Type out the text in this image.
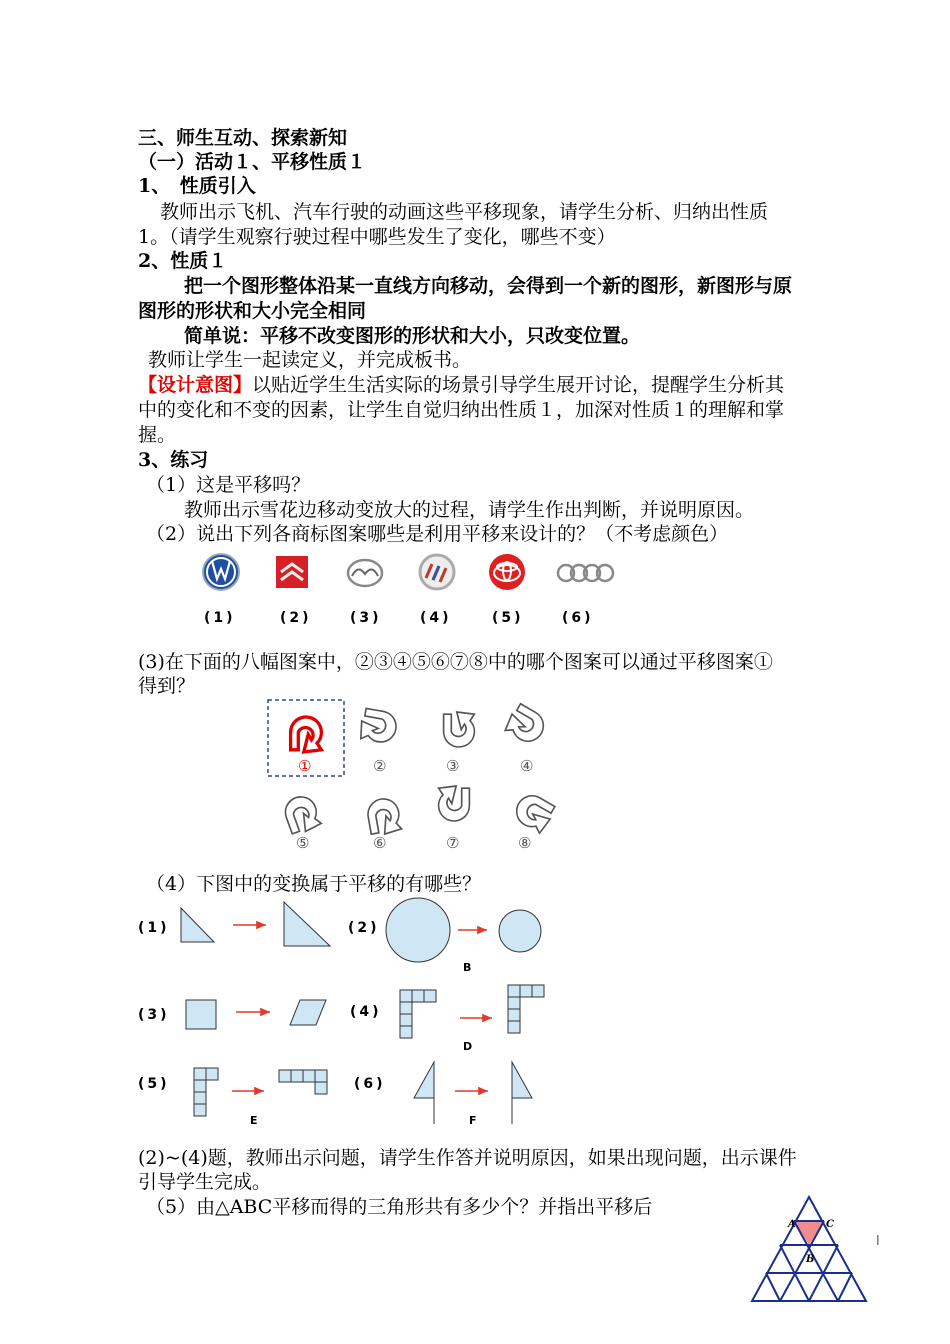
三、师生互动、探索新知
（一）活动１、平移性质１
1、　性质引入
教师出示飞机、汽车行驶的动画这些平移现象，请学生分析、归纳出性质
1。（请学生观察行驶过程中哪些发生了变化，哪些不变）
2、性质１
把一个图形整体沿某一直线方向移动，会得到一个新的图形，新图形与原
图形的形状和大小完全相同
简单说：平移不改变图形的形状和大小，只改变位置。
教师让学生一起读定义，并完成板书。
【设计意图】以贴近学生生活实际的场景引导学生展开讨论，提醒学生分析其
中的变化和不变的因素，让学生自觉归纳出性质１，加深对性质１的理解和掌
握。
3、练习
（1）这是平移吗？
教师出示雪花边移动变放大的过程，请学生作出判断，并说明原因。
（2）说出下列各商标图案哪些是利用平移来设计的？（不考虑颜色）
(1)	(2)	(3)	(4)	(5)	(6)
(3)在下面的八幅图案中，②③④⑤⑥⑦⑧中的哪个图案可以通过平移图案①
得到？
①	②	③	④
⑤	⑥	⑦	⑧
（4）下图中的变换属于平移的有哪些？
(1)	(2)
(3)	(4)
(5)	(6)
B
D
E	F
(2)~(4)题，教师出示问题，请学生作答并说明原因，如果出现问题，出示课件
引导学生完成。
（5）由△ABC平移而得的三角形共有多少个？并指出平移后
A	C
B
l
